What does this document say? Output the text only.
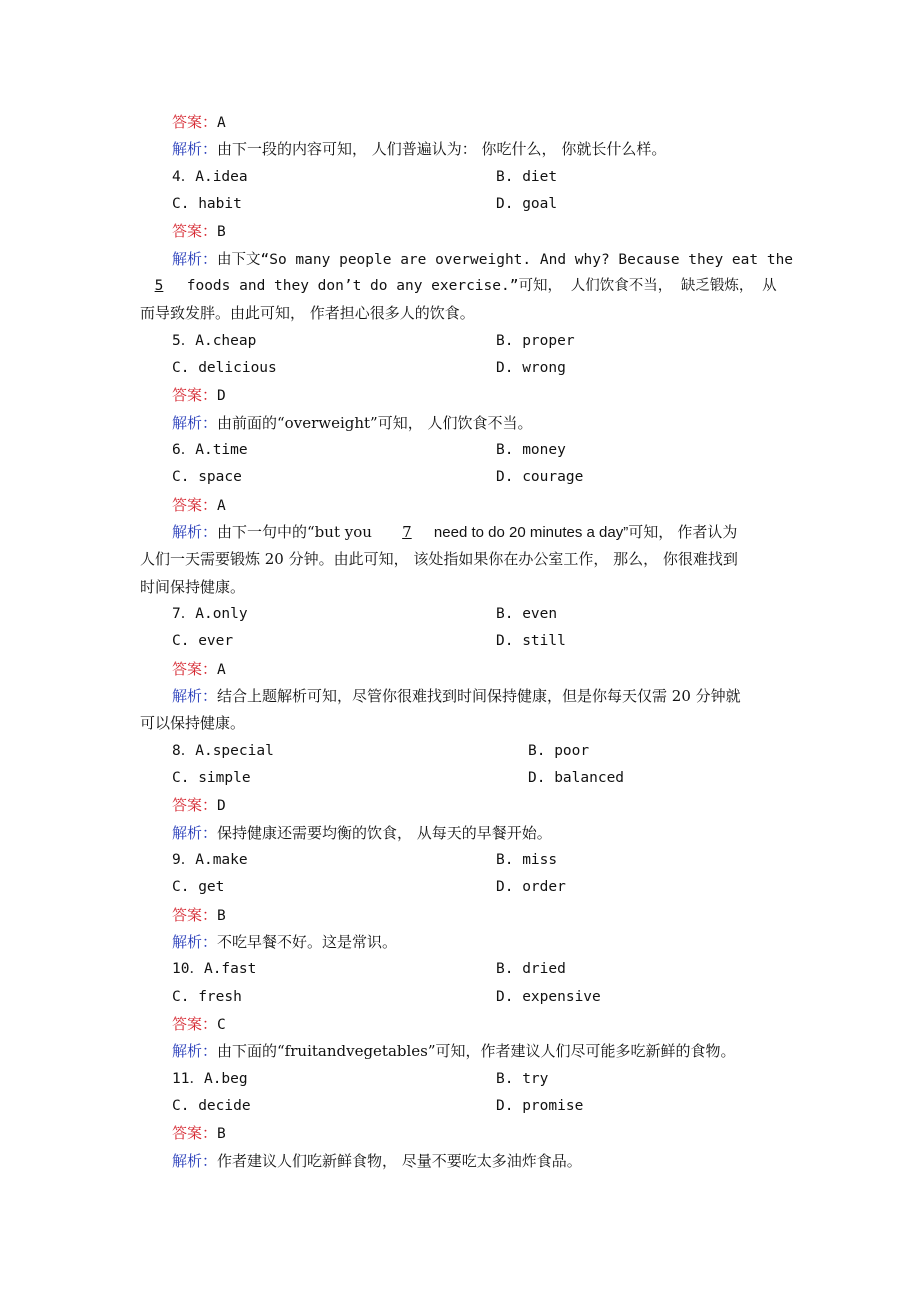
答案：A
解析：由下一段的内容可知， 人们普遍认为： 你吃什么， 你就长什么样。
4．A.idea	B. diet
C. habit	D. goal
答案：B
解析：由下文“So many people are overweight. And why? Because they eat the
5 foods and they don’t do any exercise.”可知， 人们饮食不当， 缺乏锻炼， 从
而导致发胖。由此可知， 作者担心很多人的饮食。
5．A.cheap	B. proper
C. delicious	D. wrong
答案：D
解析：由前面的“overweight”可知， 人们饮食不当。
6．A.time	B. money
C. space	D. courage
答案：A
解析：由下一句中的“but you 7 need to do 20 minutes a day”可知， 作者认为
人们一天需要锻炼 20 分钟。由此可知， 该处指如果你在办公室工作， 那么， 你很难找到
时间保持健康。
7．A.only	B. even
C. ever	D. still
答案：A
解析：结合上题解析可知，尽管你很难找到时间保持健康，但是你每天仅需 20 分钟就
可以保持健康。
8．A.special	B. poor
C. simple	D. balanced
答案：D
解析：保持健康还需要均衡的饮食， 从每天的早餐开始。
9．A.make	B. miss
C. get	D. order
答案：B
解析：不吃早餐不好。这是常识。
10．A.fast	B. dried
C. fresh	D. expensive
答案：C
解析：由下面的“fruitandvegetables”可知，作者建议人们尽可能多吃新鲜的食物。
11．A.beg	B. try
C. decide	D. promise
答案：B
解析：作者建议人们吃新鲜食物， 尽量不要吃太多油炸食品。
